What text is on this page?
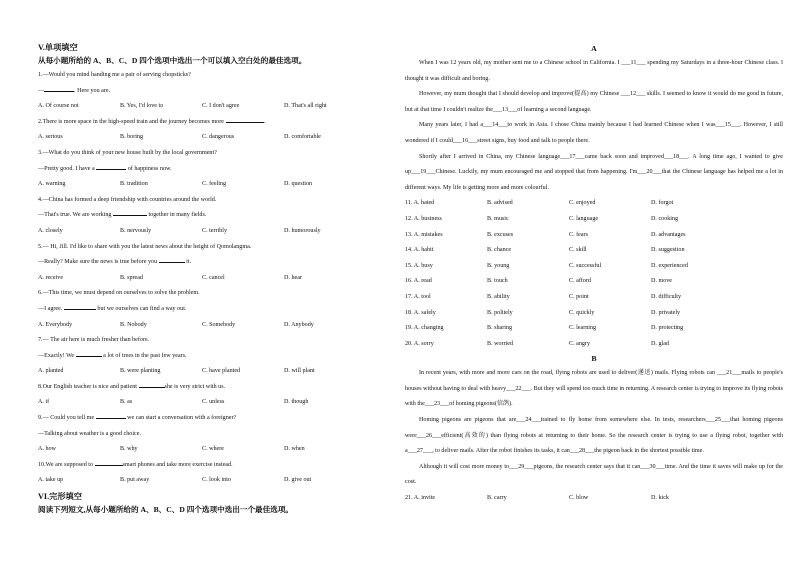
V.单项填空
从每小题所给的 A、B、C、D 四个选项中选出一个可以填入空白处的最佳选项。
1.—Would you mind handing me a pair of serving chopsticks?
—	. Here you are.
A. Of course not	B. Yes, I'd love to	C. I don't agree	D. That's all right
2.There is more space in the high-speed train and the journey becomes more	.
A. serious	B. boring	C. dangerous	D. comfortable
3.—What do you think of your new house built by the local government?
—Pretty good. I have a	of happiness now.
A. warning	B. tradition	C. feeling	D. question
4.—China has formed a deep friendship with countries around the world.
—That's true. We are working	together in many fields.
A. closely	B. nervously	C. terribly	D. humorously
5.— Hi, Jill. I'd like to share with you the latest news about the height of Qomolangma.
—Really? Make sure the news is true before you	it.
A. receive	B. spread	C. cancel	D. hear
6.—This time, we must depend on ourselves to solve the problem.
—I agree.	but we ourselves can find a way out.
A. Everybody	B. Nobody	C. Somebody	D. Anybody
7.— The air here is much fresher than before.
—Exactly! We	a lot of trees in the past few years.
A. planted	B. were planting	C. have planted	D. will plant
8.Our English teacher is nice and patient	she is very strict with us.
A. if	B. as	C. unless	D. though
9.— Could you tell me	we can start a conversation with a foreigner?
—Talking about weather is a good choice.
A. how	B. why	C. where	D. when
10.We are supposed to	smart phones and take more exercise instead.
A. take up	B. put away	C. look into	D. give out
VI.完形填空
阅读下列短文,从每小题所给的 A、B、C、D 四个选项中选出一个最佳选项。
A
When I was 12 years old, my mother sent me to a Chinese school in California. I ___11___ spending my Saturdays in a three-hour Chinese class. I thought it was difficult and boring.
However, my mum thought that I should develop and improve(提高) my Chinese ___12___ skills. I seemed to know it would do me good in future, but at that time I couldn't realize the___13___of learning a second language.
Many years later, I had a___14___to work in Asia. I chose China mainly because I had learned Chinese when I was___15___. However, I still wondered if I could___16___street signs, buy food and talk to people there.
Shortly after I arrived in China, my Chinese language___17___came back soon and improved___18___. A long time ago, I wanted to give up___19___Chinese. Luckily, my mum encouraged me and stopped that from happening. I'm___20___that the Chinese language has helped me a lot in different ways. My life is getting more and more colourful.
11. A. hated	B. advised	C. enjoyed	D. forgot
12. A. business	B. music	C. language	D. cooking
13. A. mistakes	B. excuses	C. fears	D. advantages
14. A. habit	B. chance	C. skill	D. suggestion
15. A. busy	B. young	C. successful	D. experienced
16. A. read	B. touch	C. afford	D. move
17. A. tool	B. ability	C. point	D. difficulty
18. A. safely	B. politely	C. quickly	D. privately
19. A. changing	B. sharing	C. learning	D. protecting
20. A. sorry	B. worried	C. angry	D. glad
B
In recent years, with more and more cars on the road, flying robots are used to deliver(递送) mails. Flying robots can ___21___mails to people's houses without having to deal with heavy___22___. But they will spend too much time in returning. A research center is trying to improve its flying robots with the___23___of homing pigeons(信鸽).
Homing pigeons are pigeons that are___24___trained to fly home from somewhere else. In tests, researchers___25___that homing pigeons were___26___efficient(高效的) than flying robots at returning to their home. So the research center is trying to use a flying robot, together with a___27___, to deliver mails. After the robot finishes its tasks, it can___28___the pigeon back in the shortest possible time.
Although it will cost more money to___29___pigeons, the research center says that it can___30___time. And the time it saves will make up for the cost.
21. A. invite	B. carry	C. blow	D. kick
